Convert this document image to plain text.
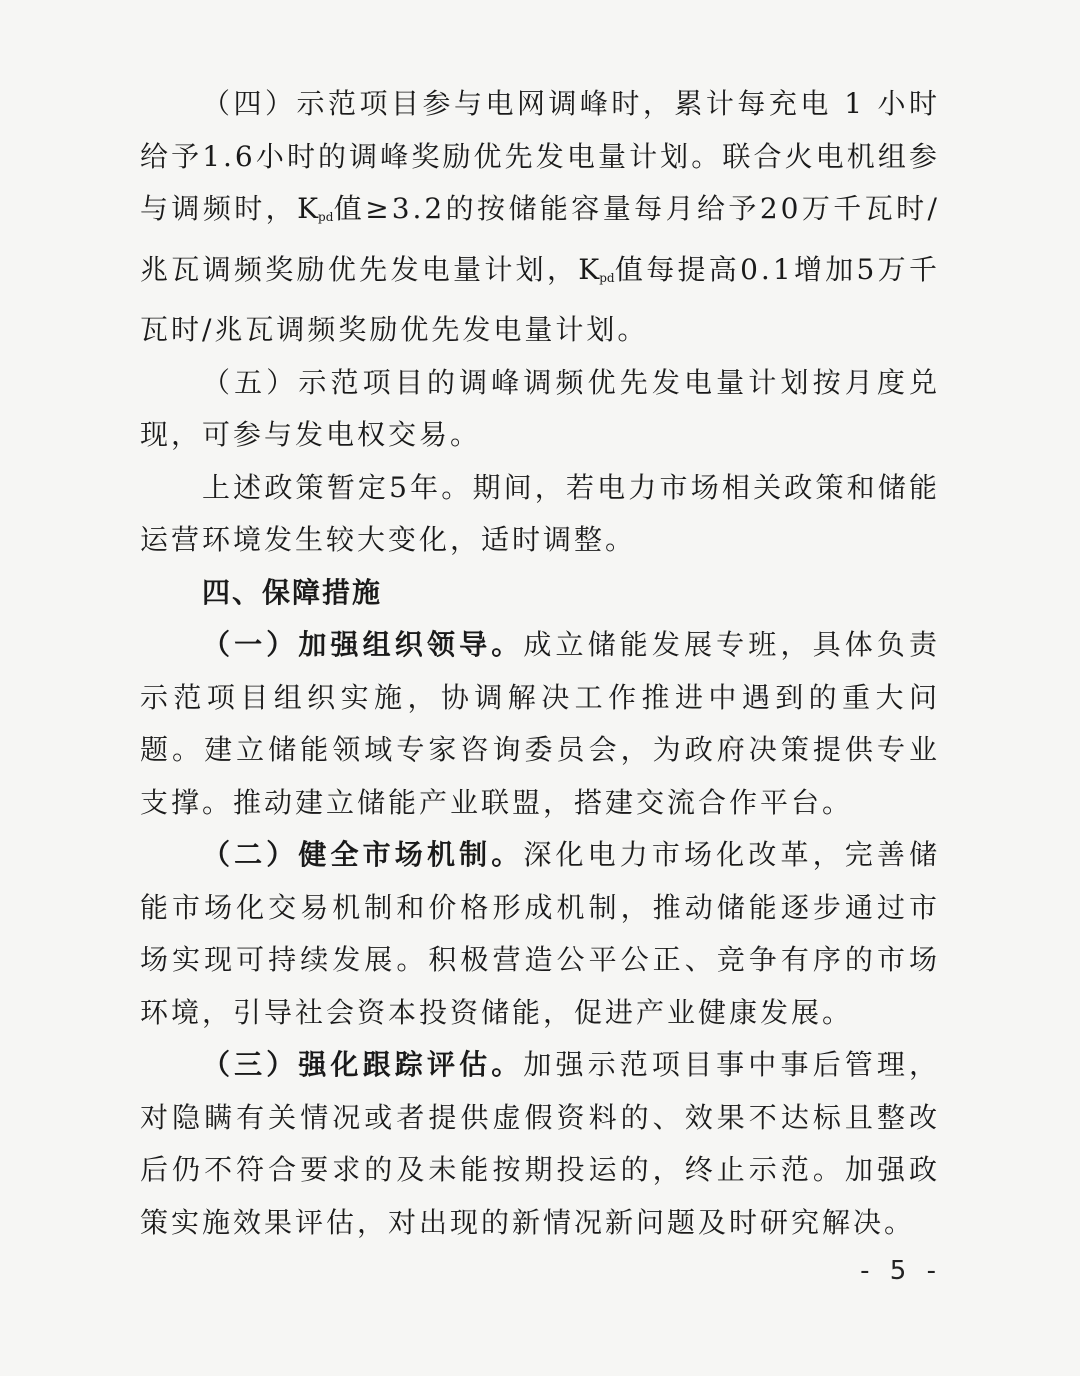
（四）示范项目参与电网调峰时，累计每充电 1 小时给予1.6小时的调峰奖励优先发电量计划。联合火电机组参与调频时，$K_{pd}$值≥3.2的按储能容量每月给予20万千瓦时/兆瓦调频奖励优先发电量计划，$K_{pd}$值每提高0.1增加5万千瓦时/兆瓦调频奖励优先发电量计划。

（五）示范项目的调峰调频优先发电量计划按月度兑现，可参与发电权交易。

上述政策暂定5年。期间，若电力市场相关政策和储能运营环境发生较大变化，适时调整。

四、保障措施

（一）加强组织领导。成立储能发展专班，具体负责示范项目组织实施，协调解决工作推进中遇到的重大问题。建立储能领域专家咨询委员会，为政府决策提供专业支撑。推动建立储能产业联盟，搭建交流合作平台。

（二）健全市场机制。深化电力市场化改革，完善储能市场化交易机制和价格形成机制，推动储能逐步通过市场实现可持续发展。积极营造公平公正、竞争有序的市场环境，引导社会资本投资储能，促进产业健康发展。

（三）强化跟踪评估。加强示范项目事中事后管理，对隐瞒有关情况或者提供虚假资料的、效果不达标且整改后仍不符合要求的及未能按期投运的，终止示范。加强政策实施效果评估，对出现的新情况新问题及时研究解决。

- 5 -
